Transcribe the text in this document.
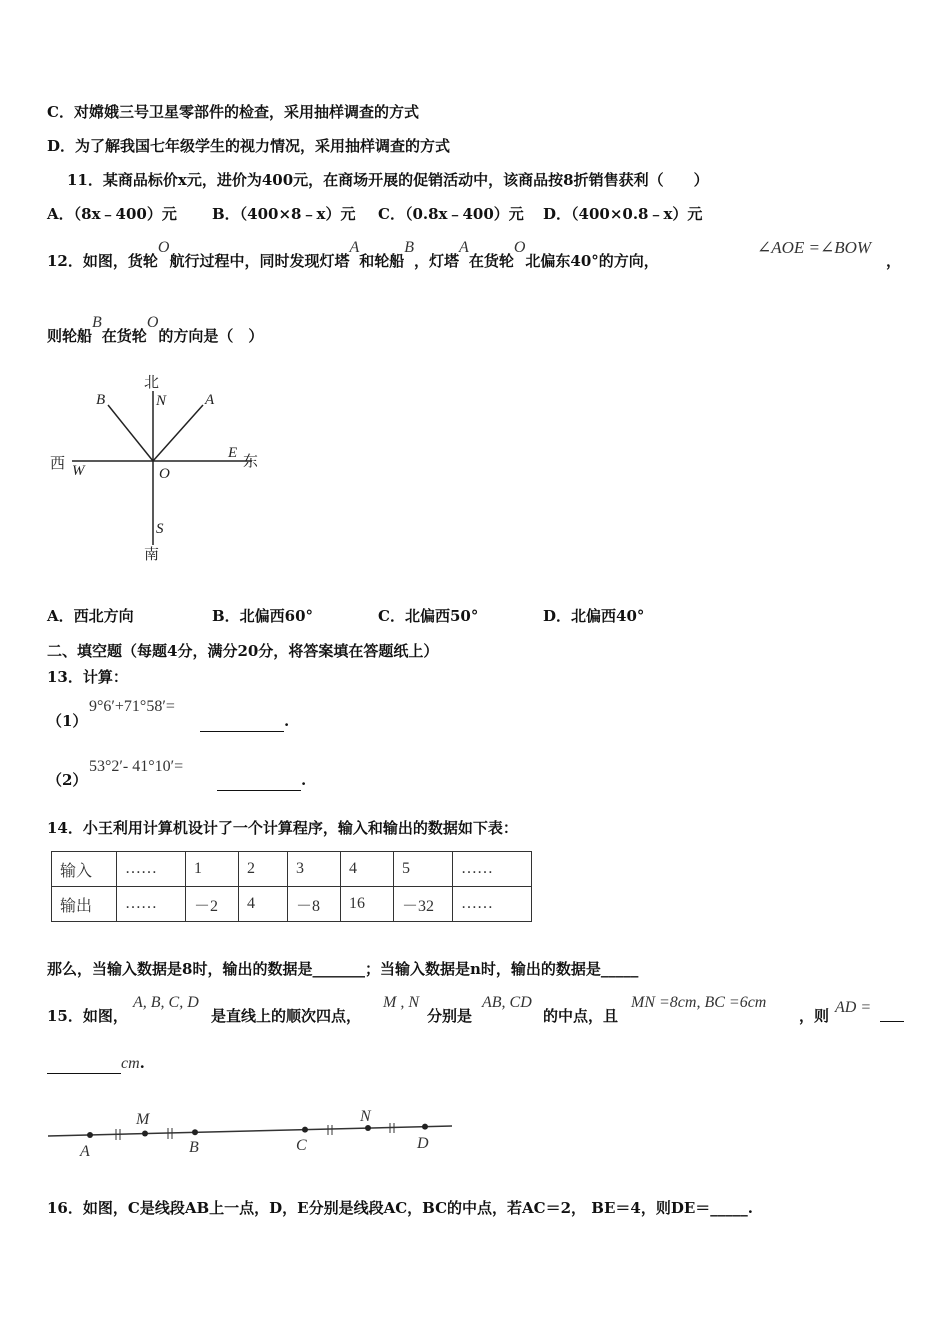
C．对嫦娥三号卫星零部件的检查，采用抽样调查的方式
D．为了解我国七年级学生的视力情况，采用抽样调查的方式
11．某商品标价x元，进价为400元，在商场开展的促销活动中，该商品按8折销售获利（　　）
A．（8x﹣400）元 B．（400×8﹣x）元 C．（0.8x﹣400）元 D．（400×0.8﹣x）元
12．如图，货轮O航行过程中，同时发现灯塔A和轮船B，灯塔A在货轮O北偏东40°的方向，
∠AOE =∠BOW
，
则轮船B在货轮O的方向是（　）
北
南
西	东
N
S
W
E
A
B
O
A．西北方向	B．北偏西60°	C．北偏西50°	D．北偏西40°
二、填空题（每题4分，满分20分，将答案填在答题纸上）
13．计算：
（1）
9°6′+71°58′=
.
（2）
53°2′- 41°10′=
.
14．小王利用计算机设计了一个计算程序，输入和输出的数据如下表：
输入	……	1	2	3	4	5	……
输出	……	－2	4	－8	16	－32	……
那么，当输入数据是8时，输出的数据是_______；当输入数据是n时，输出的数据是_____
15．如图，
A, B, C, D
是直线上的顺次四点，
M , N
分别是
AB, CD
的中点，且
MN =8cm, BC =6cm
，则 AD =
cm.
A
M
B	C
N
D
16．如图，C是线段AB上一点，D，E分别是线段AC，BC的中点，若AC＝2， BE＝4，则DE＝_____.
